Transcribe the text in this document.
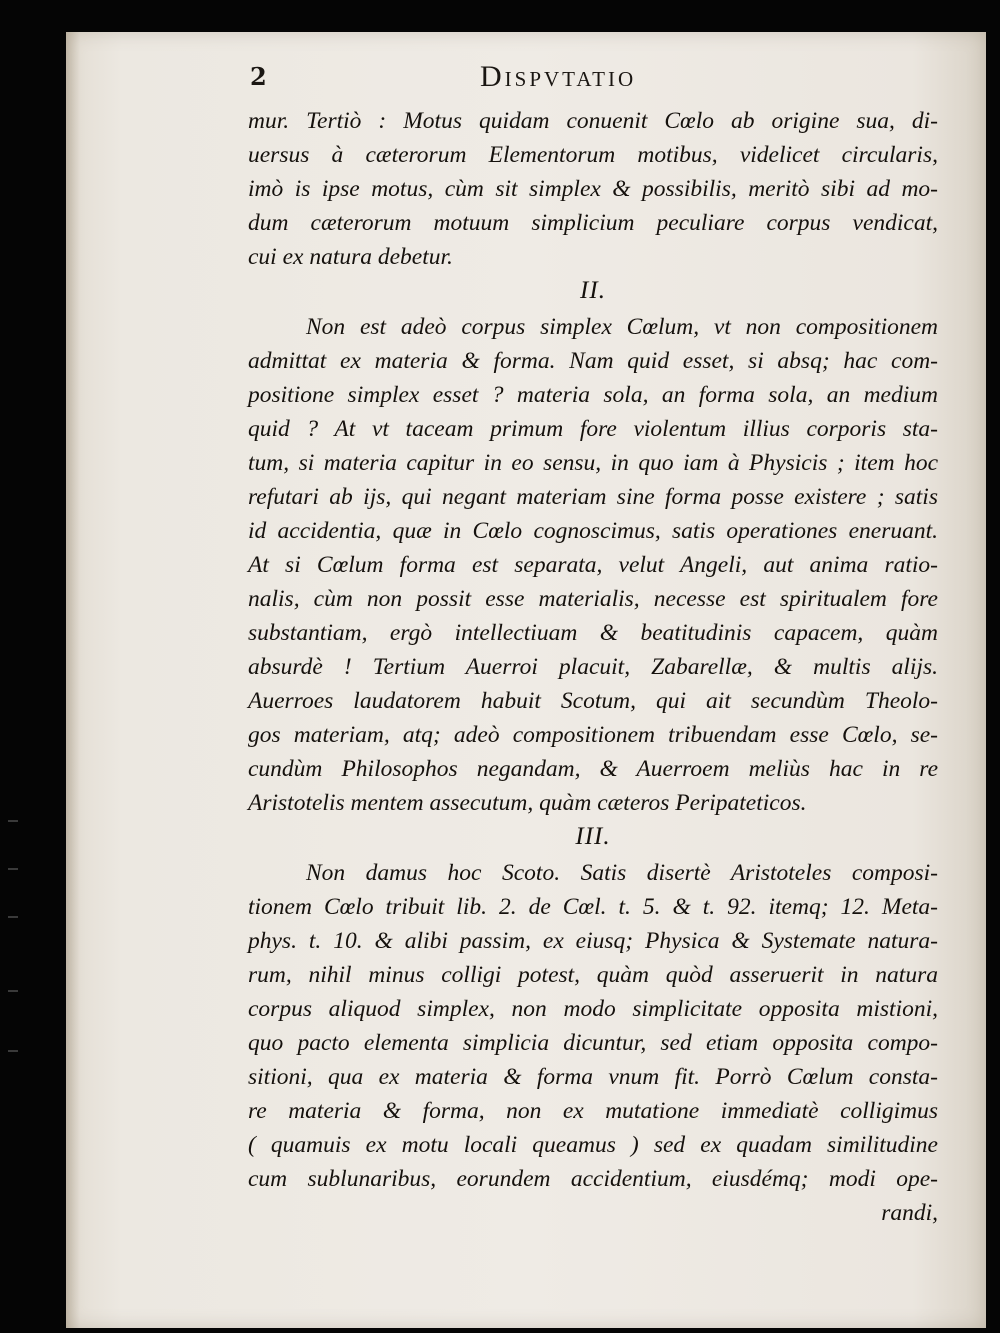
2	Dispvtatio
mur. Tertiò : Motus quidam conuenit Cœlo ab origine sua, di-
uersus à cæterorum Elementorum motibus, videlicet circularis,
imò is ipse motus, cùm sit simplex & possibilis, meritò sibi ad mo-
dum cæterorum motuum simplicium peculiare corpus vendicat,
cui ex natura debetur.
II.
Non est adeò corpus simplex Cœlum, vt non compositionem
admittat ex materia & forma. Nam quid esset, si absq; hac com-
positione simplex esset ? materia sola, an forma sola, an medium
quid ? At vt taceam primum fore violentum illius corporis sta-
tum, si materia capitur in eo sensu, in quo iam à Physicis ; item hoc
refutari ab ijs, qui negant materiam sine forma posse existere ; satis
id accidentia, quæ in Cœlo cognoscimus, satis operationes eneruant.
At si Cœlum forma est separata, velut Angeli, aut anima ratio-
nalis, cùm non possit esse materialis, necesse est spiritualem fore
substantiam, ergò intellectiuam & beatitudinis capacem, quàm
absurdè ! Tertium Auerroi placuit, Zabarellæ, & multis alijs.
Auerroes laudatorem habuit Scotum, qui ait secundùm Theolo-
gos materiam, atq; adeò compositionem tribuendam esse Cœlo, se-
cundùm Philosophos negandam, & Auerroem meliùs hac in re
Aristotelis mentem assecutum, quàm cæteros Peripateticos.
III.
Non damus hoc Scoto. Satis disertè Aristoteles composi-
tionem Cœlo tribuit lib. 2. de Cœl. t. 5. & t. 92. itemq; 12. Meta-
phys. t. 10. & alibi passim, ex eiusq; Physica & Systemate natura-
rum, nihil minus colligi potest, quàm quòd asseruerit in natura
corpus aliquod simplex, non modo simplicitate opposita mistioni,
quo pacto elementa simplicia dicuntur, sed etiam opposita compo-
sitioni, qua ex materia & forma vnum fit. Porrò Cœlum consta-
re materia & forma, non ex mutatione immediatè colligimus
( quamuis ex motu locali queamus ) sed ex quadam similitudine
cum sublunaribus, eorundem accidentium, eiusdémq; modi ope-
randi,
